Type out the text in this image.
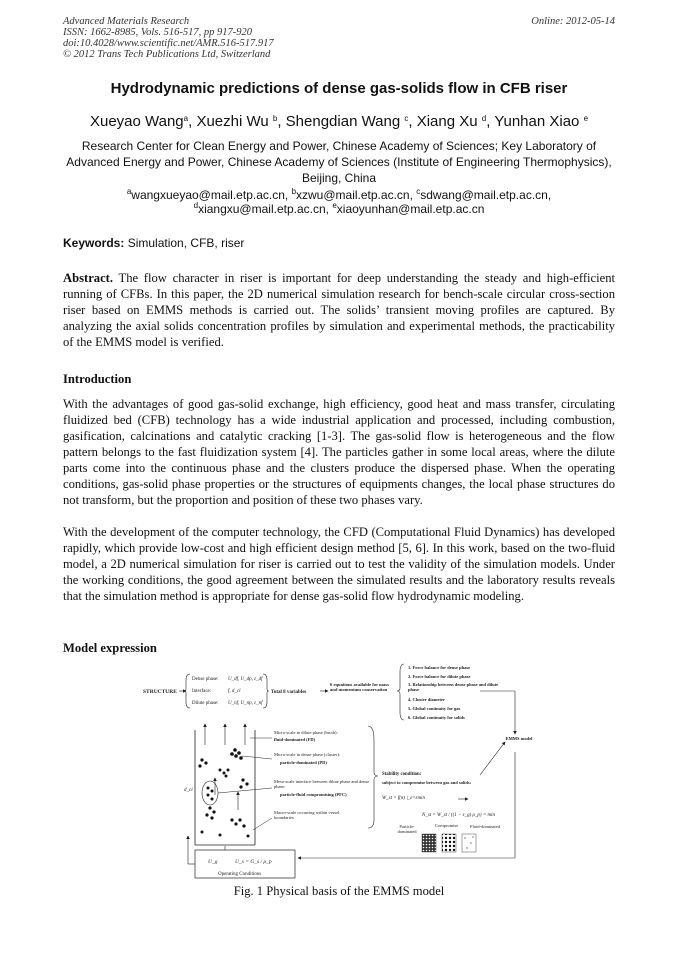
Advanced Materials Research
ISSN: 1662-8985, Vols. 516-517, pp 917-920
doi:10.4028/www.scientific.net/AMR.516-517.917
© 2012 Trans Tech Publications Ltd, Switzerland
Online: 2012-05-14
Hydrodynamic predictions of dense gas-solids flow in CFB riser
Xueyao Wang$^a$, Xuezhi Wu $^b$, Shengdian Wang $^c$, Xiang Xu $^d$, Yunhan Xiao $^e$
Research Center for Clean Energy and Power, Chinese Academy of Sciences; Key Laboratory of Advanced Energy and Power, Chinese Academy of Sciences (Institute of Engineering Thermophysics), Beijing, China
$^a$wangxueyao@mail.etp.ac.cn, $^b$xzwu@mail.etp.ac.cn, $^c$sdwang@mail.etp.ac.cn,
$^d$xiangxu@mail.etp.ac.cn, $^e$xiaoyunhan@mail.etp.ac.cn
Keywords: Simulation, CFB, riser

Abstract. The flow character in riser is important for deep understanding the steady and high-efficient running of CFBs. In this paper, the 2D numerical simulation research for bench-scale circular cross-section riser based on EMMS methods is carried out. The solids’ transient moving profiles are captured. By analyzing the axial solids concentration profiles by simulation and experimental methods, the practicability of the EMMS model is verified.

Introduction

With the advantages of good gas-solid exchange, high efficiency, good heat and mass transfer, circulating fluidized bed (CFB) technology has a wide industrial application and processed, including combustion, gasification, calcinations and catalytic cracking [1-3]. The gas-solid flow is heterogeneous and the flow pattern belongs to the fast fluidization system [4]. The particles gather in some local areas, where the dilute parts come into the continuous phase and the clusters produce the dispersed phase. When the operating conditions, gas-solid phase properties or the structures of equipments changes, the local phase structures do not transform, but the proportion and position of these two phases vary.

With the development of the computer technology, the CFD (Computational Fluid Dynamics) has developed rapidly, which provide low-cost and high efficient design method [5, 6]. In this work, based on the two-fluid model, a 2D numerical simulation for riser is carried out to test the validity of the simulation models. Under the working conditions, the good agreement between the simulated results and the laboratory results reveals that the simulation method is appropriate for dense gas-solid flow hydrodynamic modeling.

Model expression
STRUCTURE
Dense phase: U_df, U_dp, ε_df
Interface:	f, d_cl
Dilute phase: U_nf, U_np, ε_nf
Total 8 variables
6 equations available for mass and momentum conservation
1. Force balance for dense phase
2. Force balance for dilute phase
3. Relationship between dense phase and dilute phase
4. Cluster diameter
5. Global continuity for gas
6. Global continuity for solids
EMMS model
d_cl
Micro-scale in dilute phase (broth):
fluid-dominated (FD)
Micro-scale in dense phase (cluster):
particle-dominated (PD)
Meso-scale interface between dilute phase and dense phase:
particle-fluid compromising (PFC)
Macro-scale occurring within vessel boundaries
Stability condition:
subject to compromise between gas and solids:
W_st = f(n) |_ε=εmin
N_st = W_st / ((1 − ε_g) ρ_p) = min
Particle-dominated
Compromise	Fluid-dominated
U_g	U_s = G_s / ρ_p
Operating Conditions
Fig. 1 Physical basis of the EMMS model
